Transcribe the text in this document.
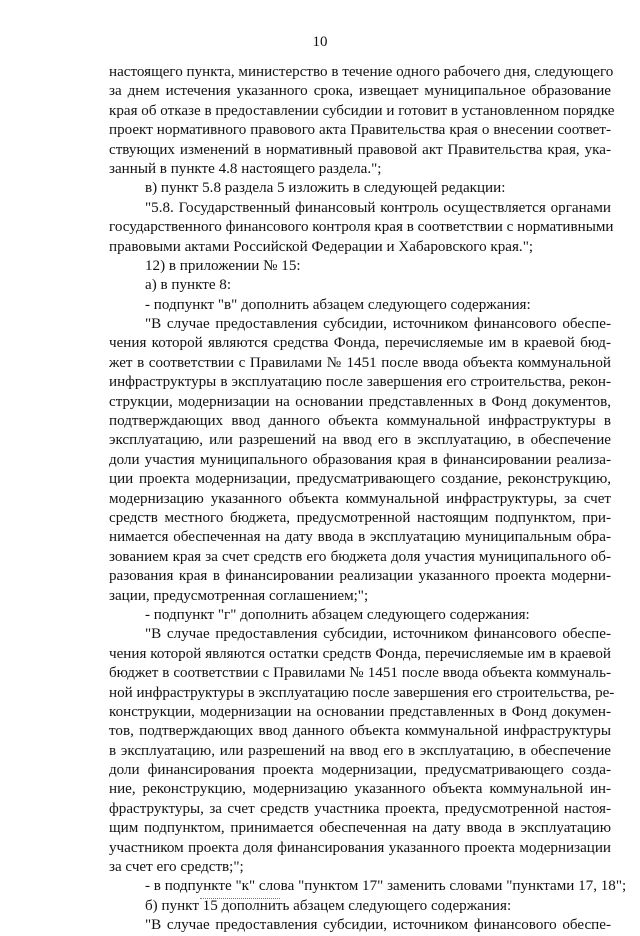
10
настоящего пункта, министерство в течение одного рабочего дня, следующего
за днем истечения указанного срока, извещает муниципальное образование
края об отказе в предоставлении субсидии и готовит в установленном порядке
проект нормативного правового акта Правительства края о внесении соответ-
ствующих изменений в нормативный правовой акт Правительства края, ука-
занный в пункте 4.8 настоящего раздела.";
в) пункт 5.8 раздела 5 изложить в следующей редакции:
"5.8. Государственный финансовый контроль осуществляется органами
государственного финансового контроля края в соответствии с нормативными
правовыми актами Российской Федерации и Хабаровского края.";
12) в приложении № 15:
а) в пункте 8:
- подпункт "в" дополнить абзацем следующего содержания:
"В случае предоставления субсидии, источником финансового обеспе-
чения которой являются средства Фонда, перечисляемые им в краевой бюд-
жет в соответствии с Правилами № 1451 после ввода объекта коммунальной
инфраструктуры в эксплуатацию после завершения его строительства, рекон-
струкции, модернизации на основании представленных в Фонд документов,
подтверждающих ввод данного объекта коммунальной инфраструктуры в
эксплуатацию, или разрешений на ввод его в эксплуатацию, в обеспечение
доли участия муниципального образования края в финансировании реализа-
ции проекта модернизации, предусматривающего создание, реконструкцию,
модернизацию указанного объекта коммунальной инфраструктуры, за счет
средств местного бюджета, предусмотренной настоящим подпунктом, при-
нимается обеспеченная на дату ввода в эксплуатацию муниципальным обра-
зованием края за счет средств его бюджета доля участия муниципального об-
разования края в финансировании реализации указанного проекта модерни-
зации, предусмотренная соглашением;";
- подпункт "г" дополнить абзацем следующего содержания:
"В случае предоставления субсидии, источником финансового обеспе-
чения которой являются остатки средств Фонда, перечисляемые им в краевой
бюджет в соответствии с Правилами № 1451 после ввода объекта коммуналь-
ной инфраструктуры в эксплуатацию после завершения его строительства, ре-
конструкции, модернизации на основании представленных в Фонд докумен-
тов, подтверждающих ввод данного объекта коммунальной инфраструктуры
в эксплуатацию, или разрешений на ввод его в эксплуатацию, в обеспечение
доли финансирования проекта модернизации, предусматривающего созда-
ние, реконструкцию, модернизацию указанного объекта коммунальной ин-
фраструктуры, за счет средств участника проекта, предусмотренной настоя-
щим подпунктом, принимается обеспеченная на дату ввода в эксплуатацию
участником проекта доля финансирования указанного проекта модернизации
за счет его средств;";
- в подпункте "к" слова "пунктом 17" заменить словами "пунктами 17, 18";
б) пункт 15 дополнить абзацем следующего содержания:
"В случае предоставления субсидии, источником финансового обеспе-
